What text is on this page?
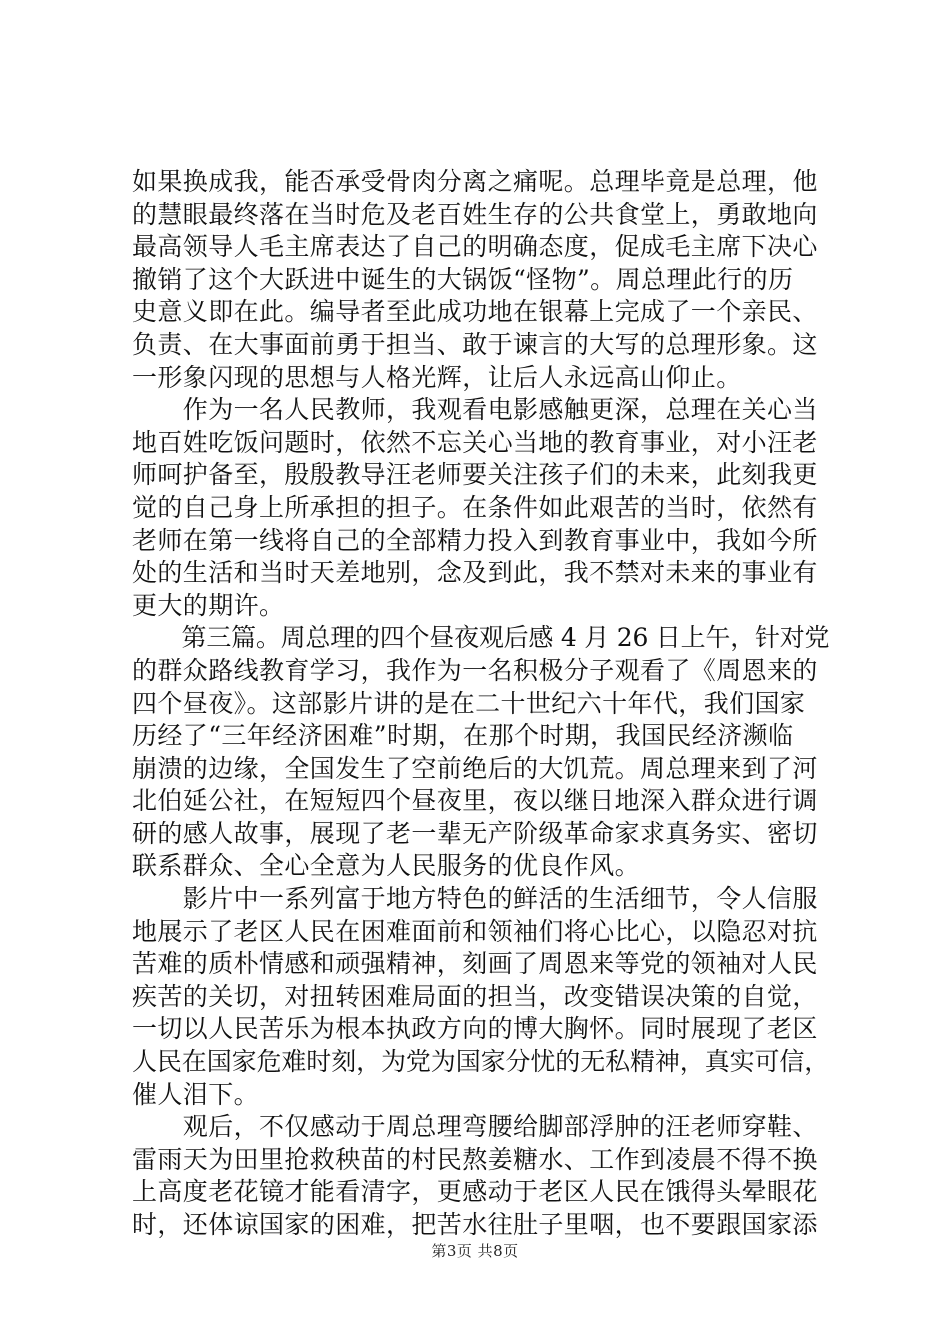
如果换成我，能否承受骨肉分离之痛呢。总理毕竟是总理，他
的慧眼最终落在当时危及老百姓生存的公共食堂上，勇敢地向
最高领导人毛主席表达了自己的明确态度，促成毛主席下决心
撤销了这个大跃进中诞生的大锅饭“怪物”。周总理此行的历
史意义即在此。编导者至此成功地在银幕上完成了一个亲民、
负责、在大事面前勇于担当、敢于谏言的大写的总理形象。这
一形象闪现的思想与人格光辉，让后人永远高山仰止。
　　作为一名人民教师，我观看电影感触更深，总理在关心当
地百姓吃饭问题时，依然不忘关心当地的教育事业，对小汪老
师呵护备至，殷殷教导汪老师要关注孩子们的未来，此刻我更
觉的自己身上所承担的担子。在条件如此艰苦的当时，依然有
老师在第一线将自己的全部精力投入到教育事业中，我如今所
处的生活和当时天差地别，念及到此，我不禁对未来的事业有
更大的期许。
　　第三篇。周总理的四个昼夜观后感 4 月 26 日上午，针对党
的群众路线教育学习，我作为一名积极分子观看了《周恩来的
四个昼夜》。这部影片讲的是在二十世纪六十年代，我们国家
历经了“三年经济困难”时期，在那个时期，我国民经济濒临
崩溃的边缘，全国发生了空前绝后的大饥荒。周总理来到了河
北伯延公社，在短短四个昼夜里，夜以继日地深入群众进行调
研的感人故事，展现了老一辈无产阶级革命家求真务实、密切
联系群众、全心全意为人民服务的优良作风。
　　影片中一系列富于地方特色的鲜活的生活细节，令人信服
地展示了老区人民在困难面前和领袖们将心比心，以隐忍对抗
苦难的质朴情感和顽强精神，刻画了周恩来等党的领袖对人民
疾苦的关切，对扭转困难局面的担当，改变错误决策的自觉，
一切以人民苦乐为根本执政方向的博大胸怀。同时展现了老区
人民在国家危难时刻，为党为国家分忧的无私精神，真实可信，
催人泪下。
　　观后，不仅感动于周总理弯腰给脚部浮肿的汪老师穿鞋、
雷雨天为田里抢救秧苗的村民熬姜糖水、工作到凌晨不得不换
上高度老花镜才能看清字，更感动于老区人民在饿得头晕眼花
时，还体谅国家的困难，把苦水往肚子里咽，也不要跟国家添
第3页 共8页
